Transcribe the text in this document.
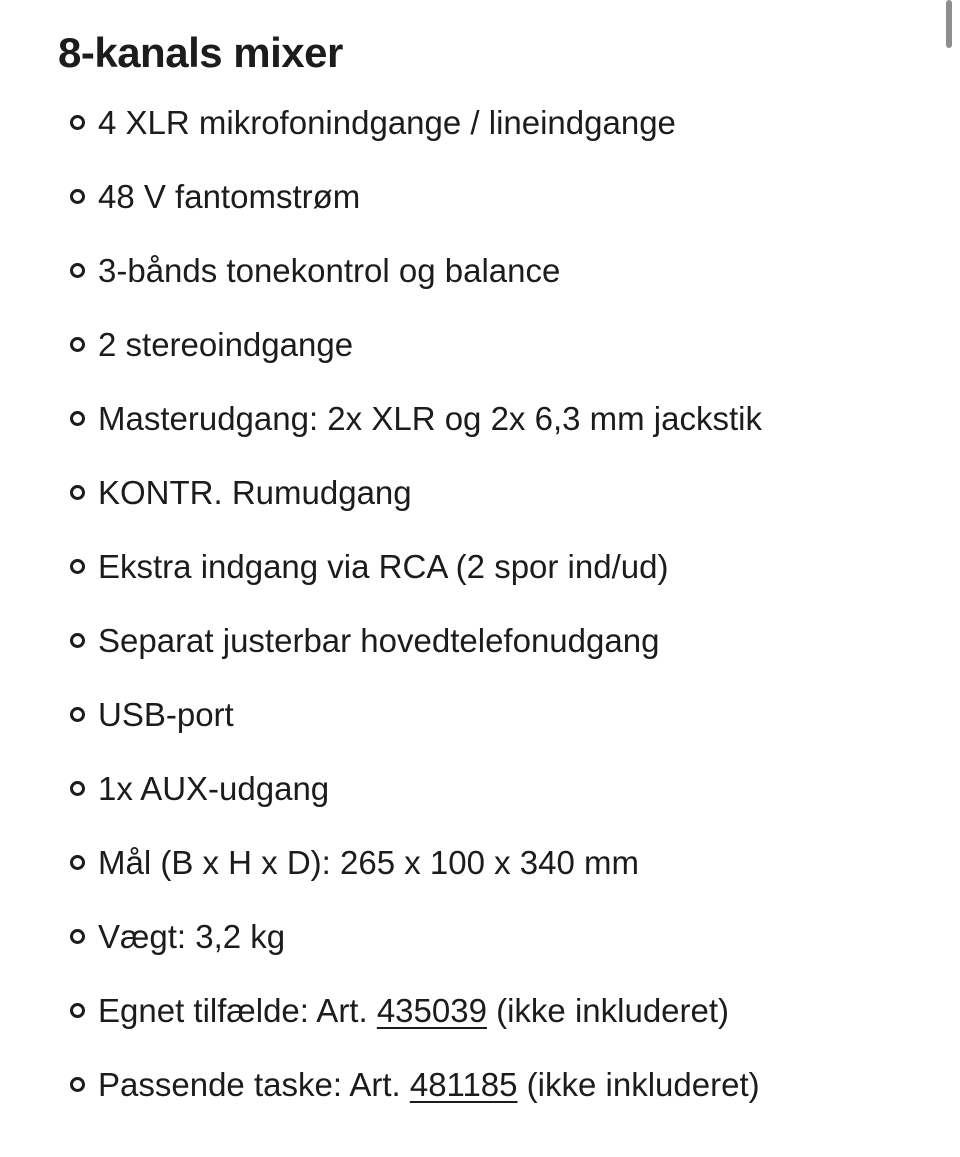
8-kanals mixer
4 XLR mikrofonindgange / lineindgange
48 V fantomstrøm
3-bånds tonekontrol og balance
2 stereoindgange
Masterudgang: 2x XLR og 2x 6,3 mm jackstik
KONTR. Rumudgang
Ekstra indgang via RCA (2 spor ind/ud)
Separat justerbar hovedtelefonudgang
USB-port
1x AUX-udgang
Mål (B x H x D): 265 x 100 x 340 mm
Vægt: 3,2 kg
Egnet tilfælde: Art. 435039 (ikke inkluderet)
Passende taske: Art. 481185 (ikke inkluderet)
